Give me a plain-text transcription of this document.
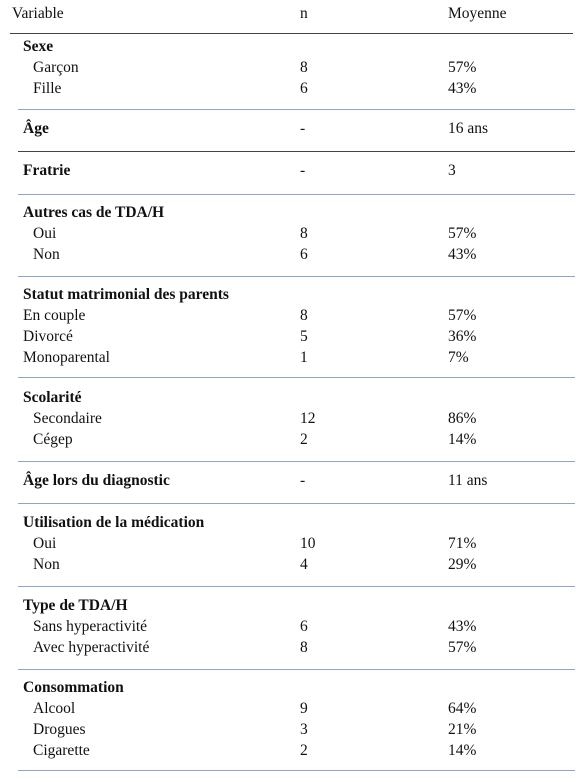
Variable	n	Moyenne
Sexe
Garçon	8	57%
Fille	6	43%
Âge	-	16 ans
Fratrie	-	3
Autres cas de TDA/H
Oui	8	57%
Non	6	43%
Statut matrimonial des parents
En couple	8	57%
Divorcé	5	36%
Monoparental	1	7%
Scolarité
Secondaire	12	86%
Cégep	2	14%
Âge lors du diagnostic	-	11 ans
Utilisation de la médication
Oui	10	71%
Non	4	29%
Type de TDA/H
Sans hyperactivité	6	43%
Avec hyperactivité	8	57%
Consommation
Alcool	9	64%
Drogues	3	21%
Cigarette	2	14%
